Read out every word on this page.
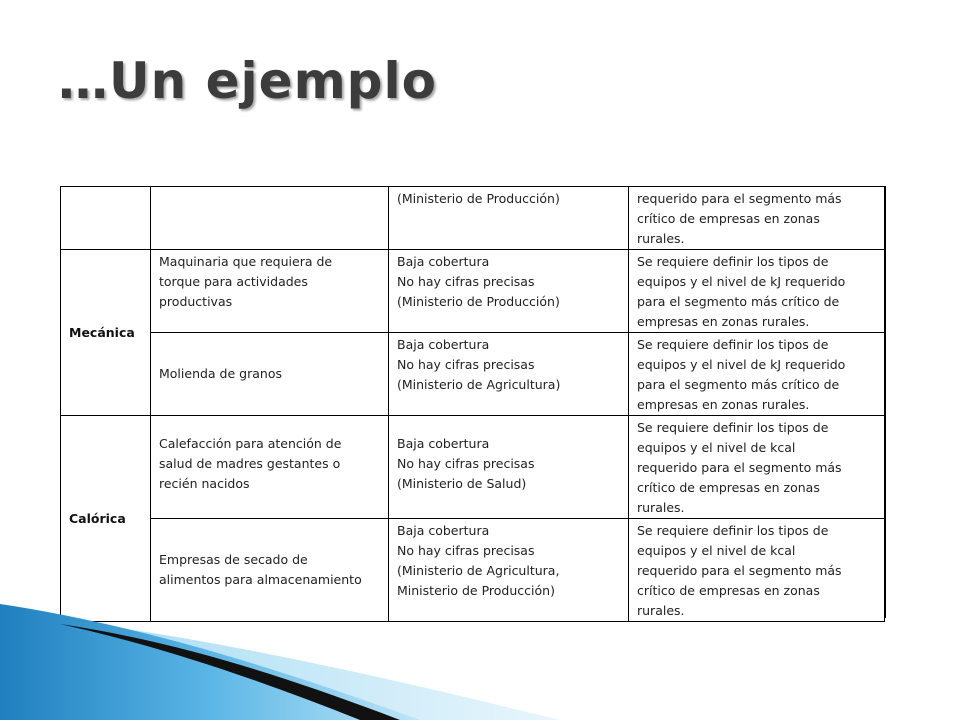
…Un ejemplo
		(Ministerio de Producción)	requerido para el segmento más
crítico de empresas en zonas
rurales.
Mecánica	Maquinaria que requiera de
torque para actividades
productivas	Baja cobertura
No hay cifras precisas
(Ministerio de Producción)	Se requiere definir los tipos de
equipos y el nivel de kJ requerido
para el segmento más crítico de
empresas en zonas rurales.
	Molienda de granos	Baja cobertura
No hay cifras precisas
(Ministerio de Agricultura)	Se requiere definir los tipos de
equipos y el nivel de kJ requerido
para el segmento más crítico de
empresas en zonas rurales.
Calórica	Calefacción para atención de
salud de madres gestantes o
recién nacidos	Baja cobertura
No hay cifras precisas
(Ministerio de Salud)	Se requiere definir los tipos de
equipos y el nivel de kcal
requerido para el segmento más
crítico de empresas en zonas
rurales.
	Empresas de secado de
alimentos para almacenamiento	Baja cobertura
No hay cifras precisas
(Ministerio de Agricultura,
Ministerio de Producción)	Se requiere definir los tipos de
equipos y el nivel de kcal
requerido para el segmento más
crítico de empresas en zonas
rurales.
